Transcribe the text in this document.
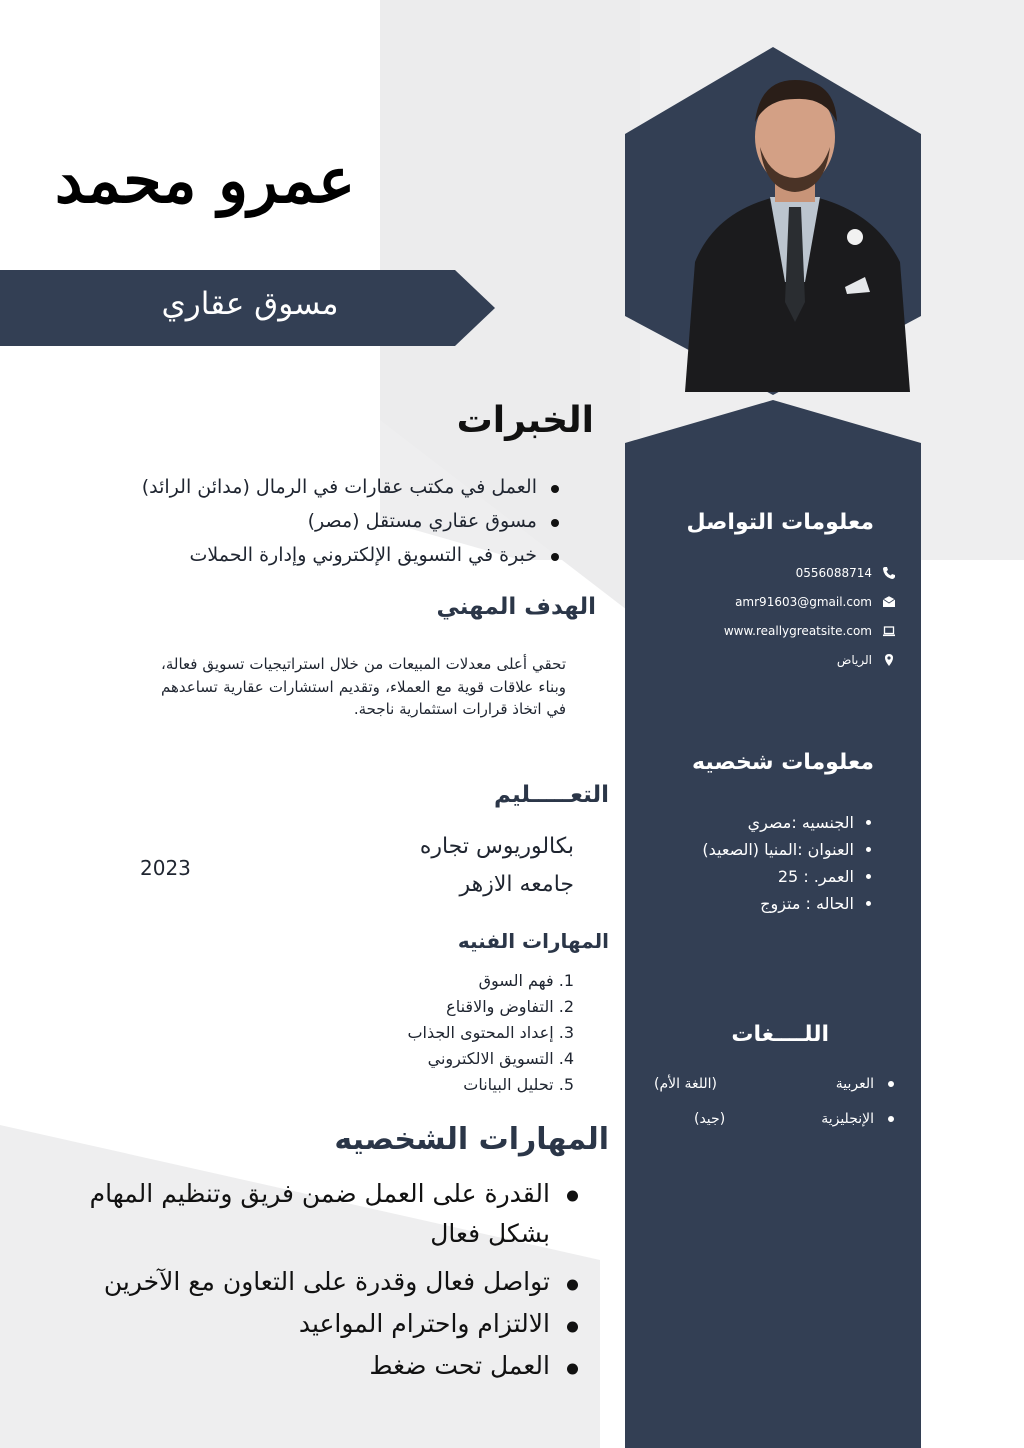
عمرو محمد
مسوق عقاري
معلومات التواصل
0556088714
amr91603@gmail.com
www.reallygreatsite.com
الرياض
معلومات شخصيه
• الجنسيه :مصري
• العنوان :المنيا (الصعيد)
• العمر. : 25
• الحاله : متزوج
اللــــغات
العربية
(اللغة الأم)
الإنجليزية
(جيد)
الخبرات
العمل في مكتب عقارات في الرمال (مدائن الرائد)
مسوق عقاري مستقل (مصر)
خبرة في التسويق الإلكتروني وإدارة الحملات
الهدف المهني
تحقي أعلى معدلات المبيعات من خلال استراتيجيات تسويق فعالة، وبناء علاقات قوية مع العملاء، وتقديم استشارات عقارية تساعدهم في اتخاذ قرارات استثمارية ناجحة.
التعـــــليم
بكالوريوس تجاره
جامعه الازهر
2023
المهارات الفنيه
1. فهم السوق
2. التفاوض والاقناع
3. إعداد المحتوى الجذاب
4. التسويق الالكتروني
5. تحليل البيانات
المهارات الشخصيه
القدرة على العمل ضمن فريق وتنظيم المهام
بشكل فعال
تواصل فعال وقدرة على التعاون مع الآخرين
الالتزام واحترام المواعيد
العمل تحت ضغط
